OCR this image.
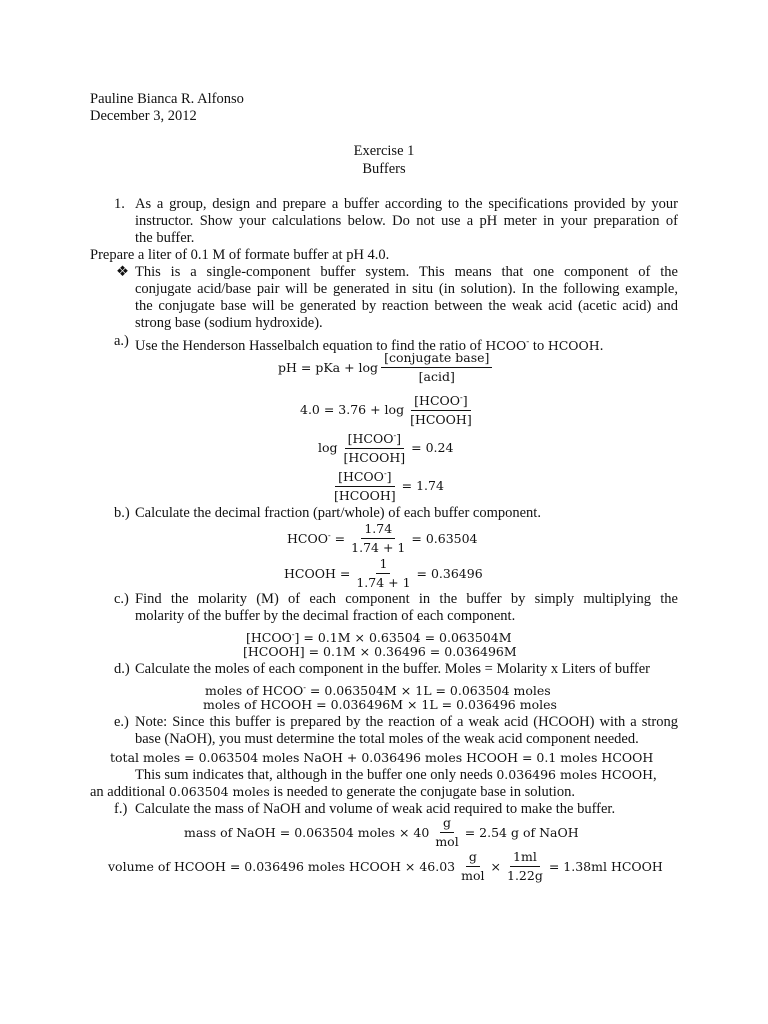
Pauline Bianca R. Alfonso
December 3, 2012
Exercise 1
Buffers
1. As a group, design and prepare a buffer according to the specifications provided by your
instructor. Show your calculations below. Do not use a pH meter in your preparation of
the buffer.
Prepare a liter of 0.1 M of formate buffer at pH 4.0.
❖ This is a single-component buffer system. This means that one component of the
conjugate acid/base pair will be generated in situ (in solution). In the following example,
the conjugate base will be generated by reaction between the weak acid (acetic acid) and
strong base (sodium hydroxide).
a.) Use the Henderson Hasselbalch equation to find the ratio of HCOO- to HCOOH.
pH = pKa + $\log \frac{\text{[conjugate base]}}{\text{[acid]}}$
$4.0 = 3.76 + \log \frac{[HCOO^-]}{\text{[HCOOH]}}$
$\log \frac{[HCOO^-]}{\text{[HCOOH]}} = 0.24$
$\frac{[HCOO^-]}{\text{[HCOOH]}} = 1.74$
b.) Calculate the decimal fraction (part/whole) of each buffer component.
HCOO- = $\frac{1.74}{1.74 + 1} = 0.63504$
HCOOH = $\frac{1}{1.74 + 1} = 0.36496$
c.) Find the molarity (M) of each component in the buffer by simply multiplying the
molarity of the buffer by the decimal fraction of each component.
[HCOO-] = 0.1M × 0.63504 = 0.063504M
[HCOOH] = 0.1M × 0.36496 = 0.036496M
d.) Calculate the moles of each component in the buffer. Moles = Molarity x Liters of buffer
moles of HCOO- = 0.063504M × 1L = 0.063504 moles
moles of HCOOH = 0.036496M × 1L = 0.036496 moles
e.) Note: Since this buffer is prepared by the reaction of a weak acid (HCOOH) with a strong
base (NaOH), you must determine the total moles of the weak acid component needed.
total moles = 0.063504 moles NaOH + 0.036496 moles HCOOH = 0.1 moles HCOOH
This sum indicates that, although in the buffer one only needs 0.036496 moles HCOOH,
an additional 0.063504 moles is needed to generate the conjugate base in solution.
f.) Calculate the mass of NaOH and volume of weak acid required to make the buffer.
mass of NaOH = 0.063504 moles × $40 \frac{g}{\text{mol}} = 2.54$ g of NaOH
volume of HCOOH = 0.036496 moles HCOOH × $46.03 \frac{g}{\text{mol}} \times \frac{1ml}{1.22g} = 1.38ml$ HCOOH
